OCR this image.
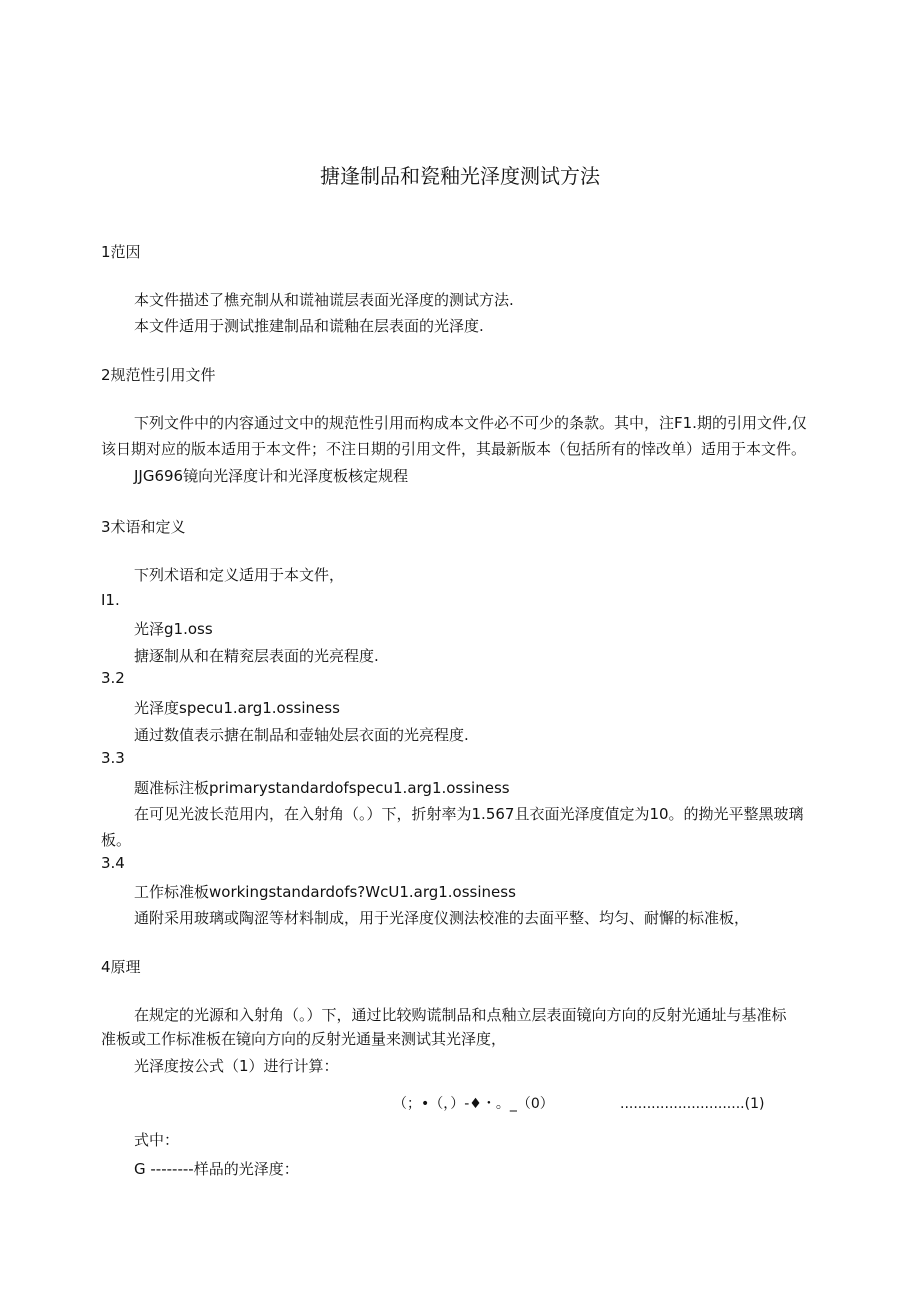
搪逢制品和瓷釉光泽度测试方法
1范因
本文件描述了樵充制从和谎袖谎层表面光泽度的测试方法.
本文件适用于测试推建制品和谎釉在层表面的光泽度.
2规范性引用文件
下列文件中的内容通过文中的规范性引用而构成本文件必不可少的条款。其中，注F1.期的引用文件,仅
该日期对应的版本适用于本文件；不注日期的引用文件，其最新版本（包括所有的悻改单）适用于本文件。
JJG696镜向光泽度计和光泽度板核定规程
3术语和定义
下列术语和定义适用于本文件，
I1.
光泽g1.oss
搪逐制从和在精兖层表面的光亮程度.
3.2
光泽度specu1.arg1.ossiness
通过数值表示搪在制品和壶轴处层衣面的光亮程度.
3.3
题准标注板primarystandardofspecu1.arg1.ossiness
在可见光波长范用内，在入射角（。）下，折射率为1.567且衣面光泽度值定为10。的拗光平整黑玻璃
板。
3.4
工作标准板workingstandardofs?WcU1.arg1.ossiness
通附采用玻璃或陶涩等材料制成，用于光泽度仪测法校准的去面平整、均匀、耐懈的标准板，
4原理
在规定的光源和入射角（。）下，通过比较购谎制品和点釉立层表面镜向方向的反射光通址与基准标
准板或工作标准板在镜向方向的反射光通量来测试其光泽度，
光泽度按公式（1）进行计算：
（；•（，）-♦・。_（0）	............................(1)
式中：
G --------样品的光泽度：
